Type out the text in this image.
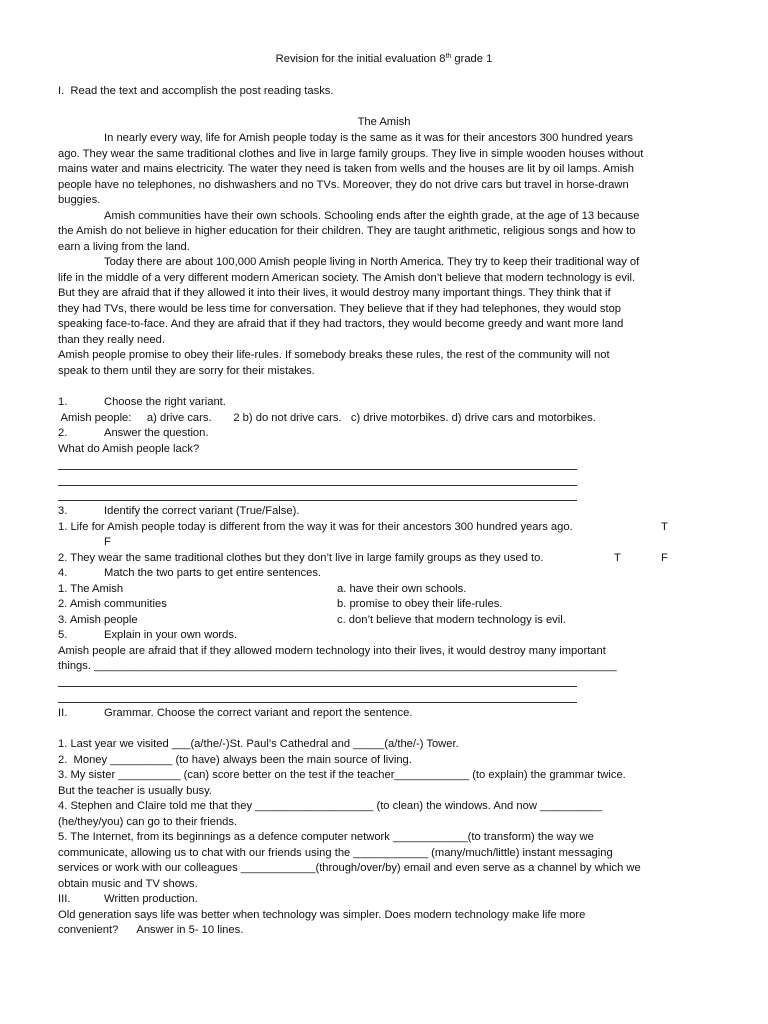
Revision for the initial evaluation 8th grade 1
I.  Read the text and accomplish the post reading tasks.
The Amish
In nearly every way, life for Amish people today is the same as it was for their ancestors 300 hundred years
ago. They wear the same traditional clothes and live in large family groups. They live in simple wooden houses without
mains water and mains electricity. The water they need is taken from wells and the houses are lit by oil lamps. Amish
people have no telephones, no dishwashers and no TVs. Moreover, they do not drive cars but travel in horse-drawn
buggies.
Amish communities have their own schools. Schooling ends after the eighth grade, at the age of 13 because
the Amish do not believe in higher education for their children. They are taught arithmetic, religious songs and how to
earn a living from the land.
Today there are about 100,000 Amish people living in North America. They try to keep their traditional way of
life in the middle of a very different modern American society. The Amish don’t believe that modern technology is evil.
But they are afraid that if they allowed it into their lives, it would destroy many important things. They think that if
they had TVs, there would be less time for conversation. They believe that if they had telephones, they would stop
speaking face-to-face. And they are afraid that if they had tractors, they would become greedy and want more land
than they really need.
Amish people promise to obey their life-rules. If somebody breaks these rules, the rest of the community will not
speak to them until they are sorry for their mistakes.
1.	Choose the right variant.
Amish people:     a) drive cars.       2 b) do not drive cars.   c) drive motorbikes. d) drive cars and motorbikes.
2.	Answer the question.
What do Amish people lack?
3.	Identify the correct variant (True/False).
1. Life for Amish people today is different from the way it was for their ancestors 300 hundred years ago.	T
F
2. They wear the same traditional clothes but they don’t live in large family groups as they used to.	T	F
4.	Match the two parts to get entire sentences.
1. The Amish	a. have their own schools.
2. Amish communities	b. promise to obey their life-rules.
3. Amish people	c. don’t believe that modern technology is evil.
5.	Explain in your own words.
Amish people are afraid that if they allowed modern technology into their lives, it would destroy many important
things. ____________________________________________________________________________________
II.	Grammar. Choose the correct variant and report the sentence.
1. Last year we visited ___(a/the/-)St. Paul’s Cathedral and _____(a/the/-) Tower.
2.  Money __________ (to have) always been the main source of living.
3. My sister __________ (can) score better on the test if the teacher____________ (to explain) the grammar twice.
But the teacher is usually busy.
4. Stephen and Claire told me that they ___________________ (to clean) the windows. And now __________
(he/they/you) can go to their friends.
5. The Internet, from its beginnings as a defence computer network ____________(to transform) the way we
communicate, allowing us to chat with our friends using the ____________ (many/much/little) instant messaging
services or work with our colleagues ____________(through/over/by) email and even serve as a channel by which we
obtain music and TV shows.
III.	Written production.
Old generation says life was better when technology was simpler. Does modern technology make life more
convenient?      Answer in 5- 10 lines.
